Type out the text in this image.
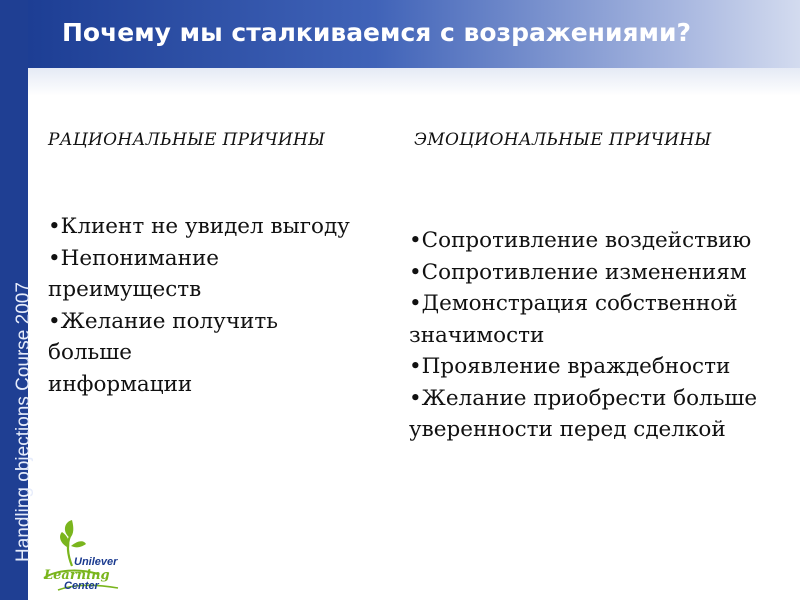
Handling objections Course 2007
Почему мы сталкиваемся с возражениями?
РАЦИОНАЛЬНЫЕ ПРИЧИНЫ	ЭМОЦИОНАЛЬНЫЕ ПРИЧИНЫ
•Клиент не увидел выгоду
•Непонимание
преимуществ
•Желание получить
больше
информации
•Сопротивление воздействию
•Сопротивление изменениям
•Демонстрация собственной
значимости
•Проявление враждебности
•Желание приобрести больше
уверенности перед сделкой
Unilever
Learning
Center
